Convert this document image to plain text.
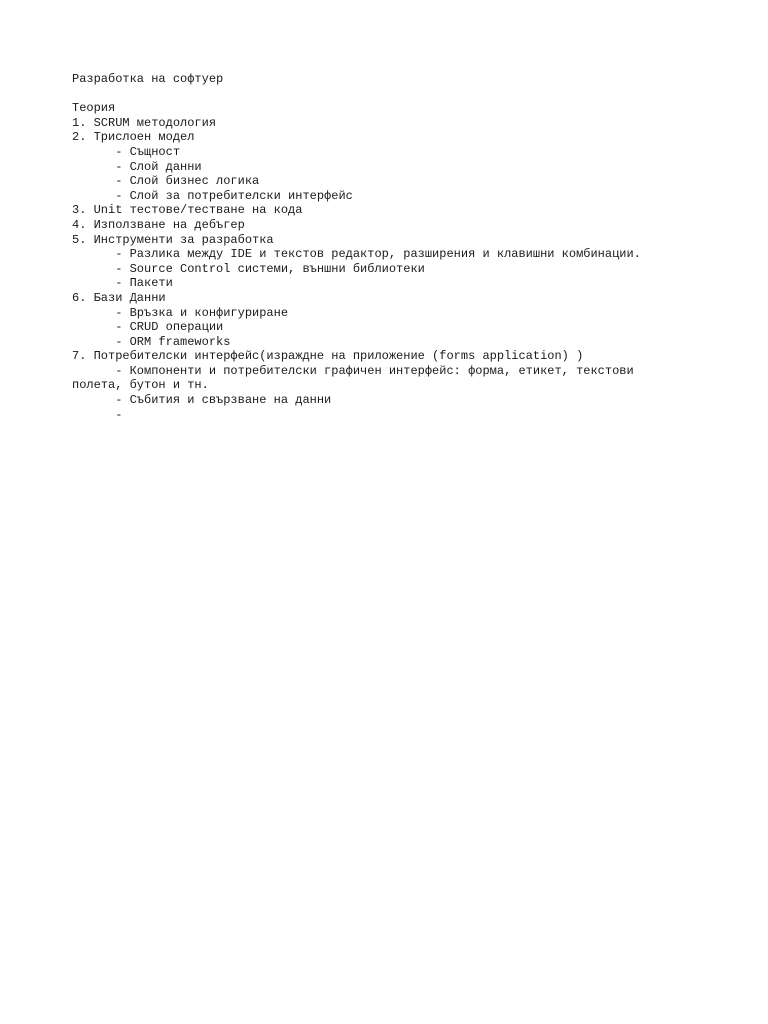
Разработка на софтуер
Теория
1. SCRUM методология
2. Трислоен модел
- Същност
- Слой данни
- Слой бизнес логика
- Слой за потребителски интерфейс
3. Unit тестове/тестване на кода
4. Използване на дебъгер
5. Инструменти за разработка
- Разлика между IDE и текстов редактор, разширения и клавишни комбинации.
- Source Control системи, външни библиотеки
- Пакети
6. Бази Данни
- Връзка и конфигуриране
- CRUD операции
- ORM frameworks
7. Потребителски интерфейс(израждне на приложение (forms application) )
- Компоненти и потребителски графичен интерфейс: форма, етикет, текстови
полета, бутон и тн.
- Събития и свързване на данни
-
